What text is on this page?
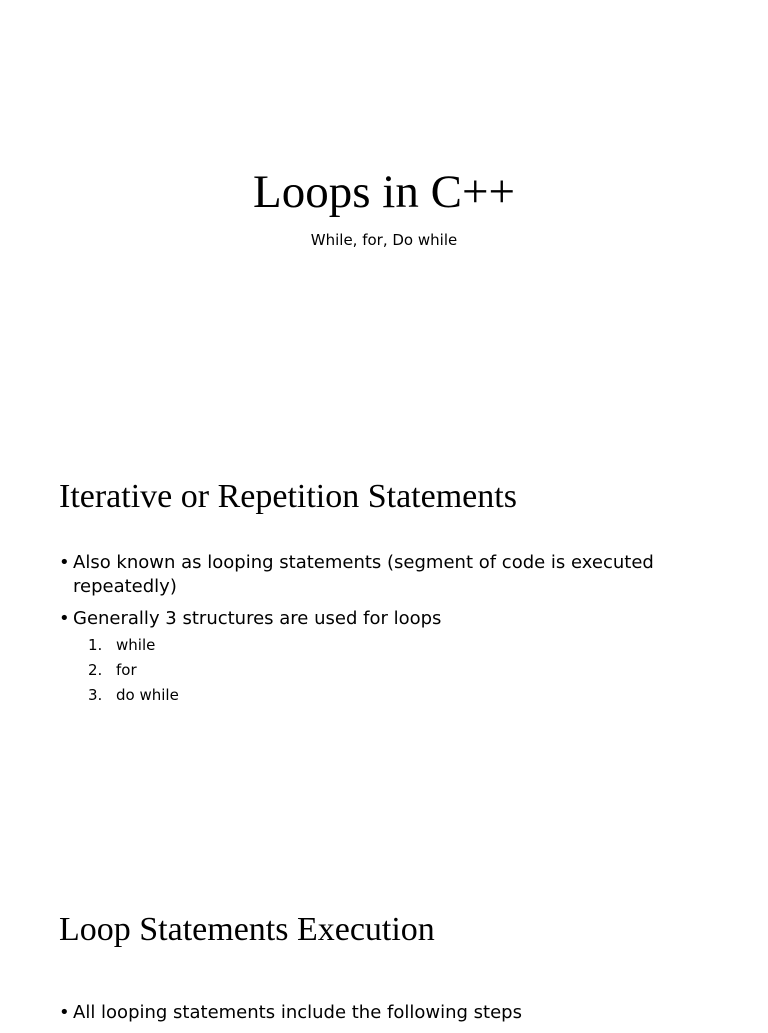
Loops in C++
While, for, Do while
Iterative or Repetition Statements
• Also known as looping statements (segment of code is executed repeatedly)
• Generally 3 structures are used for loops
1. while
2. for
3. do while
Loop Statements Execution
• All looping statements include the following steps
